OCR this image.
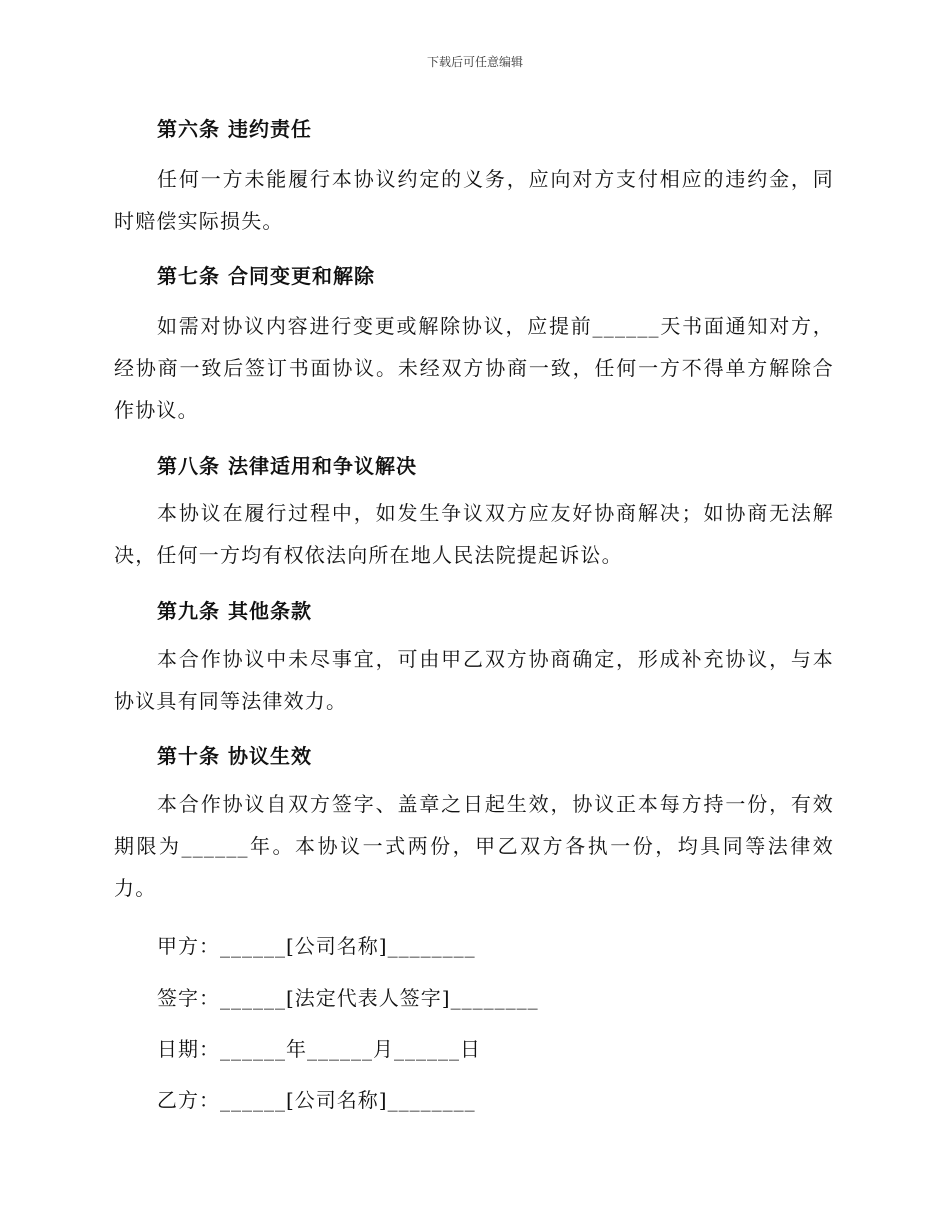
下载后可任意编辑
第六条 违约责任
任何一方未能履行本协议约定的义务，应向对方支付相应的违约金，同时赔偿实际损失。
第七条 合同变更和解除
如需对协议内容进行变更或解除协议，应提前______天书面通知对方，经协商一致后签订书面协议。未经双方协商一致，任何一方不得单方解除合作协议。
第八条 法律适用和争议解决
本协议在履行过程中，如发生争议双方应友好协商解决；如协商无法解决，任何一方均有权依法向所在地人民法院提起诉讼。
第九条 其他条款
本合作协议中未尽事宜，可由甲乙双方协商确定，形成补充协议，与本协议具有同等法律效力。
第十条 协议生效
本合作协议自双方签字、盖章之日起生效，协议正本每方持一份，有效期限为______年。本协议一式两份，甲乙双方各执一份，均具同等法律效力。
甲方：______[公司名称]________
签字：______[法定代表人签字]________
日期：______年______月______日
乙方：______[公司名称]________
